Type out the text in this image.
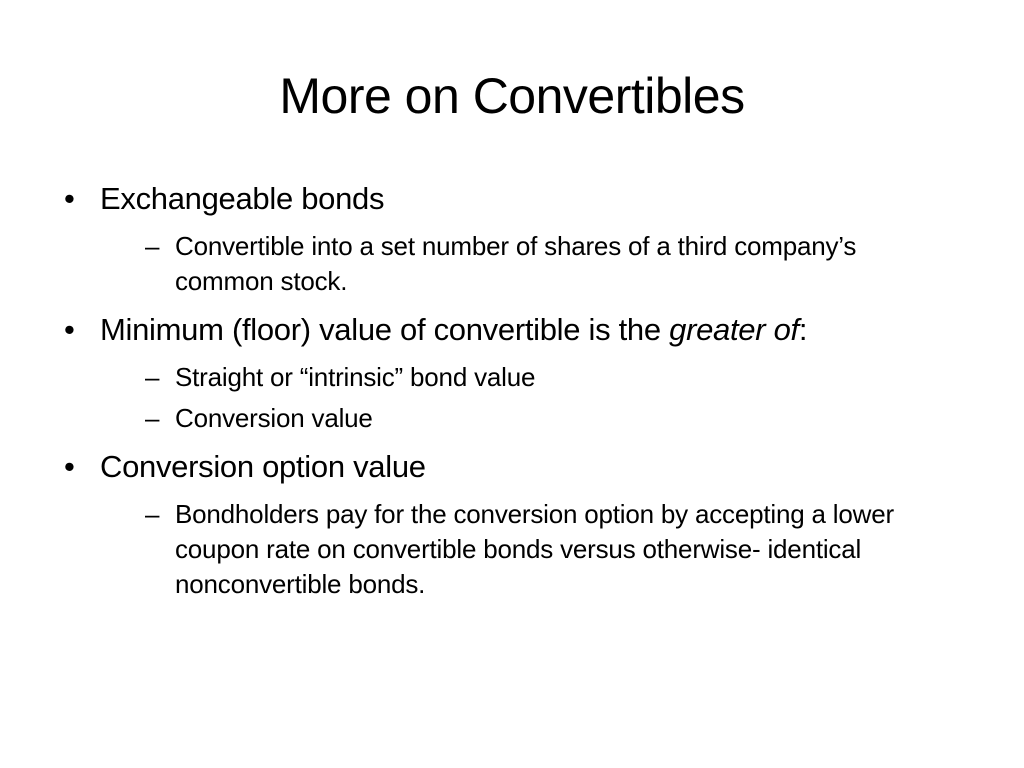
More on Convertibles
• Exchangeable bonds
– Convertible into a set number of shares of a third company’s common stock.
• Minimum (floor) value of convertible is the greater of:
– Straight or “intrinsic” bond value
– Conversion value
• Conversion option value
– Bondholders pay for the conversion option by accepting a lower coupon rate on convertible bonds versus otherwise- identical nonconvertible bonds.
